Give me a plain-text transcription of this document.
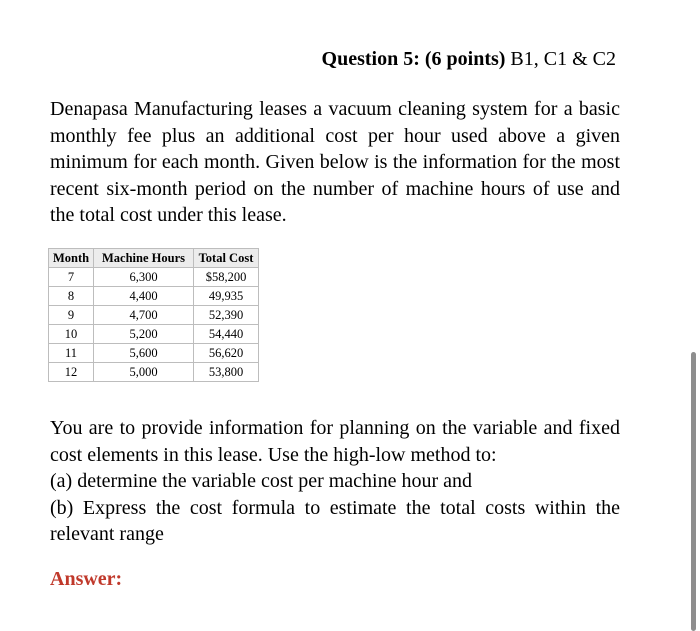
Question 5: (6 points) B1, C1 & C2
Denapasa Manufacturing leases a vacuum cleaning system for a basic monthly fee plus an additional cost per hour used above a given minimum for each month. Given below is the information for the most recent six-month period on the number of machine hours of use and the total cost under this lease.
Month	Machine Hours	Total Cost
7	6,300	$58,200
8	4,400	49,935
9	4,700	52,390
10	5,200	54,440
11	5,600	56,620
12	5,000	53,800
You are to provide information for planning on the variable and fixed cost elements in this lease. Use the high-low method to:
(a) determine the variable cost per machine hour and
(b) Express the cost formula to estimate the total costs within the relevant range
Answer:
